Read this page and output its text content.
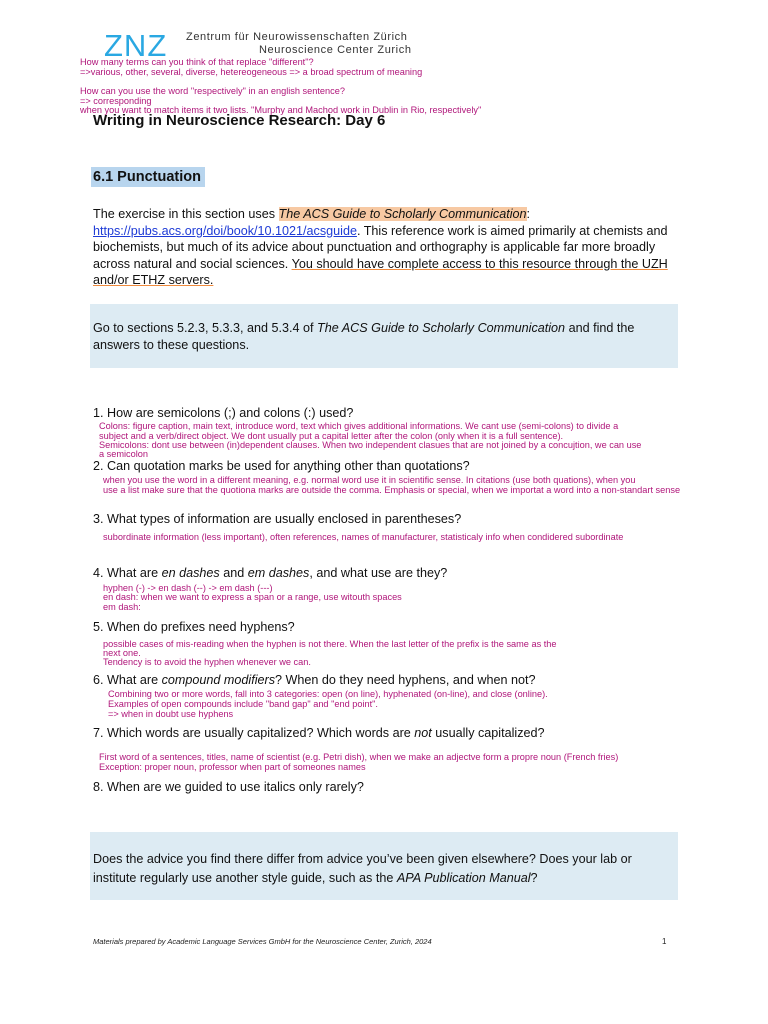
ZNZ Zentrum für Neurowissenschaften Zürich
Neuroscience Center Zurich
How many terms can you think of that replace "different"?
=>various, other, several, diverse, hetereogeneous => a broad spectrum of meaning
How can you use the word "respectively" in an english sentence?
=> corresponding
when you want to match items it two lists. "Murphy and Machod work in Dublin in Rio, respectively"
Writing in Neuroscience Research: Day 6
6.1 Punctuation
The exercise in this section uses The ACS Guide to Scholarly Communication: https://pubs.acs.org/doi/book/10.1021/acsguide. This reference work is aimed primarily at chemists and biochemists, but much of its advice about punctuation and orthography is applicable far more broadly across natural and social sciences. You should have complete access to this resource through the UZH and/or ETHZ servers.

Go to sections 5.2.3, 5.3.3, and 5.3.4 of The ACS Guide to Scholarly Communication and find the answers to these questions.

1. How are semicolons (;) and colons (:) used?
Colons: figure caption, main text, introduce word, text which gives additional informations. We cant use (semi-colons) to divide a
subject and a verb/direct object. We dont usually put a capital letter after the colon (only when it is a full sentence).
Semicolons: dont use between (in)dependent clauses. When two independent clasues that are not joined by a concujtion, we can use
a semicolon
2. Can quotation marks be used for anything other than quotations?
when you use the word in a different meaning, e.g. normal word use it in scientific sense. In citations (use both quations), when you
use a list make sure that the quotiona marks are outside the comma. Emphasis or special, when we importat a word into a non-standart sense
3. What types of information are usually enclosed in parentheses?
subordinate information (less important), often references, names of manufacturer, statisticaly info when condidered subordinate
4. What are en dashes and em dashes, and what use are they?
hyphen (-) -> en dash (--) -> em dash (---)
en dash: when we want to express a span or a range, use witouth spaces
em dash:
5. When do prefixes need hyphens?
possible cases of mis-reading when the hyphen is not there. When the last letter of the prefix is the same as the
next one.
Tendency is to avoid the hyphen whenever we can.
6. What are compound modifiers? When do they need hyphens, and when not?
Combining two or more words, fall into 3 categories: open (on line), hyphenated (on-line), and close (online).
Examples of open compounds include "band gap" and "end point".
=> when in doubt use hyphens
7. Which words are usually capitalized? Which words are not usually capitalized?
First word of a sentences, titles, name of scientist (e.g. Petri dish), when we make an adjectve form a propre noun (French fries)
Exception: proper noun, professor when part of someones names
8. When are we guided to use italics only rarely?

Does the advice you find there differ from advice you’ve been given elsewhere? Does your lab or institute regularly use another style guide, such as the APA Publication Manual?

Materials prepared by Academic Language Services GmbH for the Neuroscience Center, Zurich, 2024	1
